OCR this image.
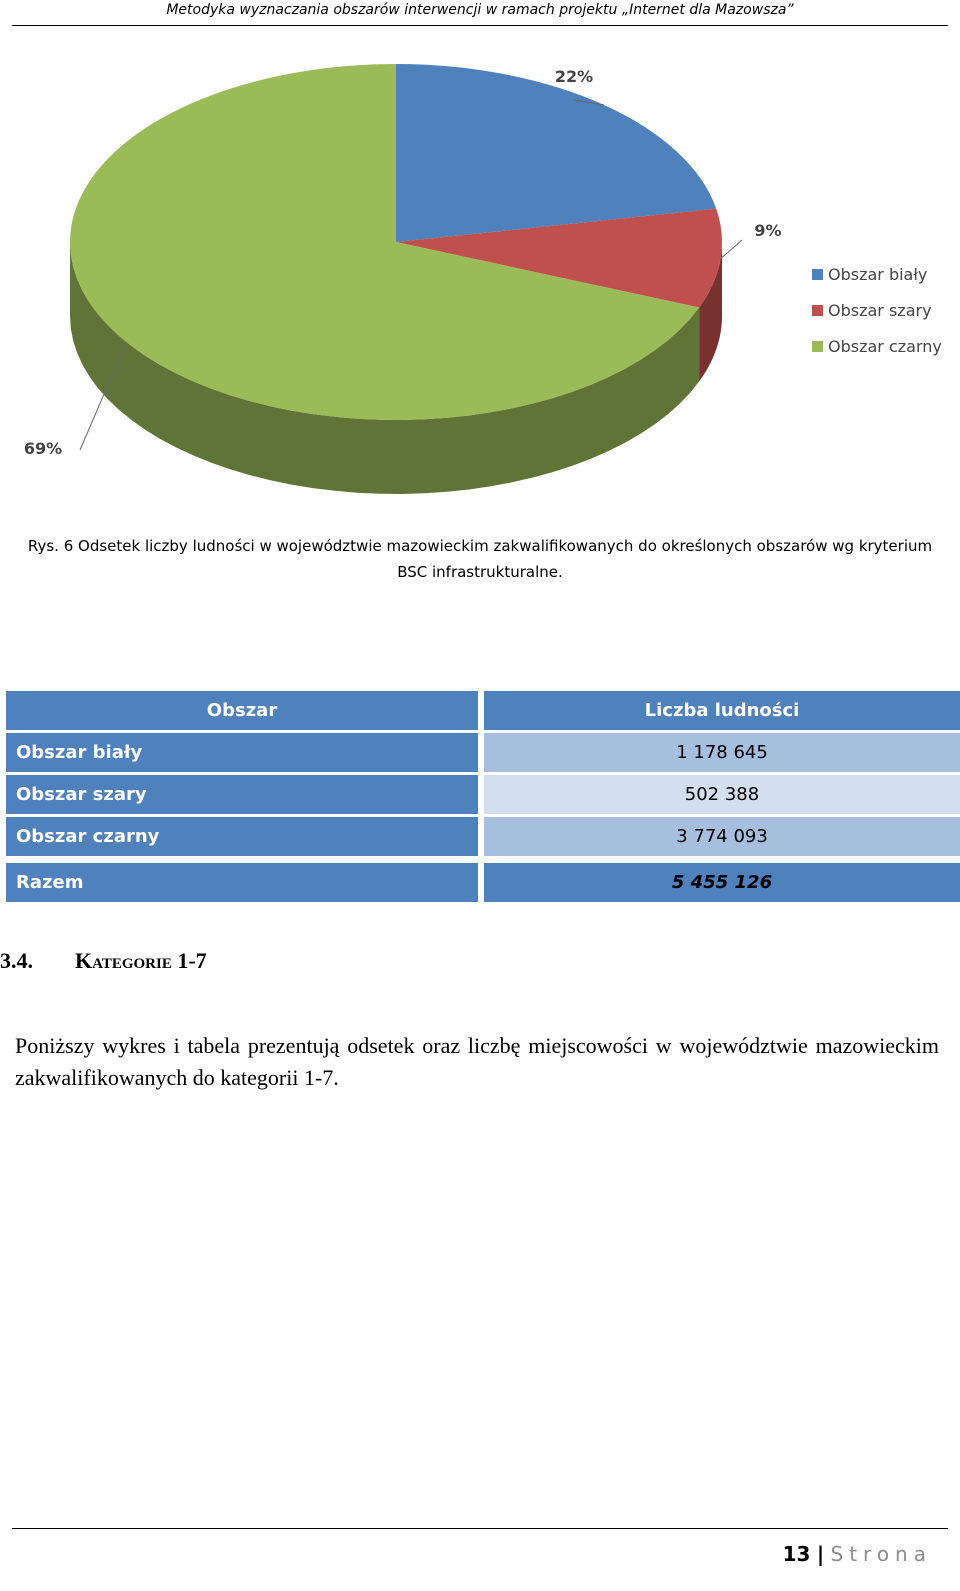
Metodyka wyznaczania obszarów interwencji w ramach projektu „Internet dla Mazowsza”
22%
9%
69%
Obszar biały
Obszar szary
Obszar czarny
Rys. 6 Odsetek liczby ludności w województwie mazowieckim zakwalifikowanych do określonych obszarów wg kryterium BSC infrastrukturalne.
Obszar	Liczba ludności
Obszar biały	1 178 645
Obszar szary	502 388
Obszar czarny	3 774 093
Razem	5 455 126
3.4. Kategorie 1-7
Poniższy wykres i tabela prezentują odsetek oraz liczbę miejscowości w województwie mazowieckim zakwalifikowanych do kategorii 1-7.
13 | Strona
